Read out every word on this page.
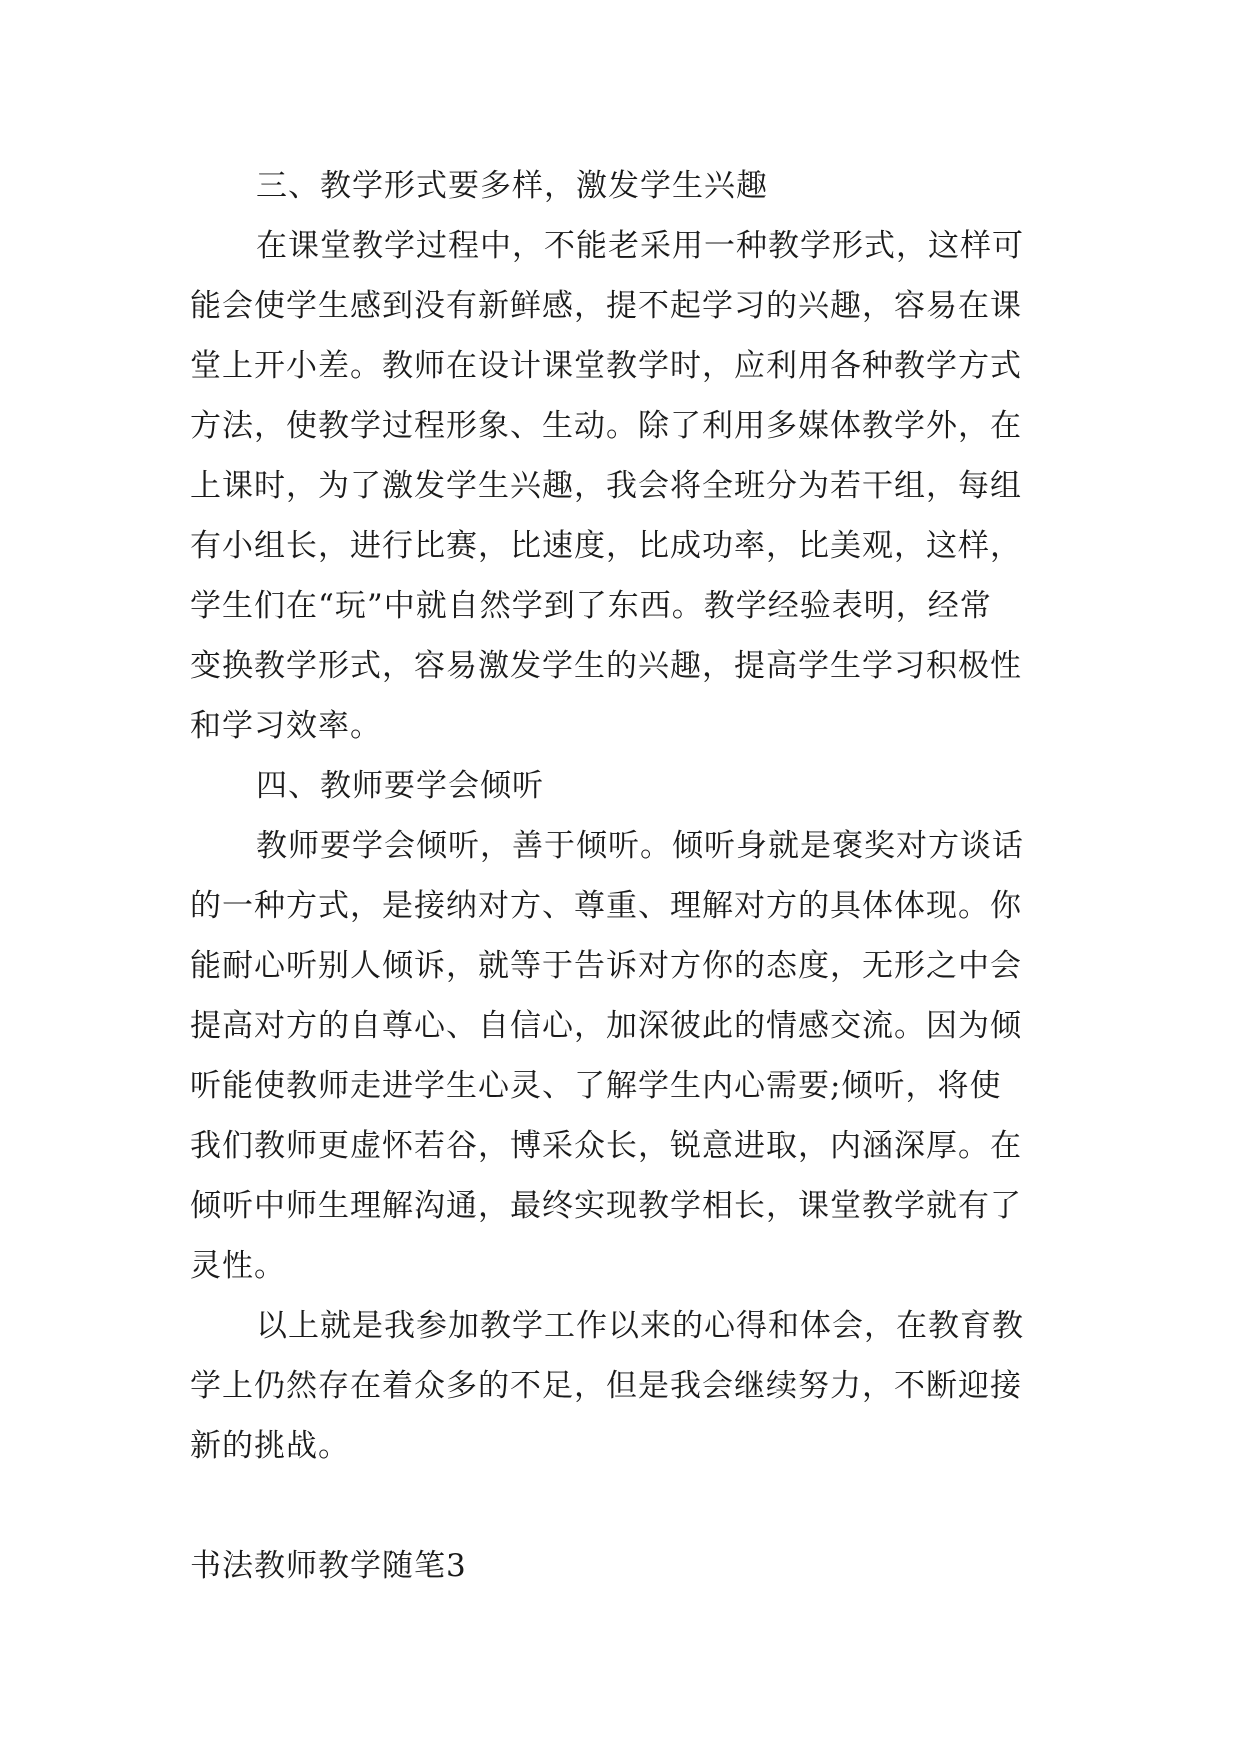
三、教学形式要多样，激发学生兴趣
在课堂教学过程中，不能老采用一种教学形式，这样可
能会使学生感到没有新鲜感，提不起学习的兴趣，容易在课
堂上开小差。教师在设计课堂教学时，应利用各种教学方式
方法，使教学过程形象、生动。除了利用多媒体教学外，在
上课时，为了激发学生兴趣，我会将全班分为若干组，每组
有小组长，进行比赛，比速度，比成功率，比美观，这样，
学生们在“玩”中就自然学到了东西。教学经验表明，经常
变换教学形式，容易激发学生的兴趣，提高学生学习积极性
和学习效率。
四、教师要学会倾听
教师要学会倾听，善于倾听。倾听身就是褒奖对方谈话
的一种方式，是接纳对方、尊重、理解对方的具体体现。你
能耐心听别人倾诉，就等于告诉对方你的态度，无形之中会
提高对方的自尊心、自信心，加深彼此的情感交流。因为倾
听能使教师走进学生心灵、了解学生内心需要;倾听，将使
我们教师更虚怀若谷，博采众长，锐意进取，内涵深厚。在
倾听中师生理解沟通，最终实现教学相长，课堂教学就有了
灵性。
以上就是我参加教学工作以来的心得和体会，在教育教
学上仍然存在着众多的不足，但是我会继续努力，不断迎接
新的挑战。
书法教师教学随笔3
